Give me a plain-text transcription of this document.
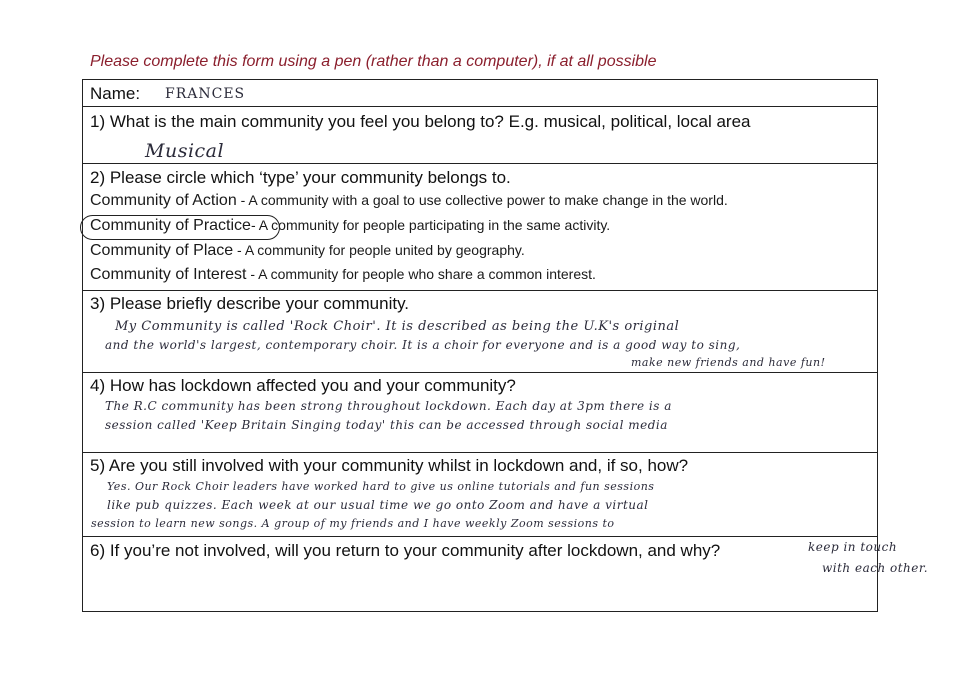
Please complete this form using a pen (rather than a computer), if at all possible
Name: FRANCES
1) What is the main community you feel you belong to? E.g. musical, political, local area
Musical
2) Please circle which ‘type’ your community belongs to.
Community of Action - A community with a goal to use collective power to make change in the world.
Community of Practice- A community for people participating in the same activity.
Community of Place - A community for people united by geography.
Community of Interest - A community for people who share a common interest.
3) Please briefly describe your community.
My Community is called 'Rock Choir'. It is described as being the U.K's original
and the world's largest, contemporary choir. It is a choir for everyone and is a good way to sing,
make new friends and have fun!
4) How has lockdown affected you and your community?
The R.C community has been strong throughout lockdown. Each day at 3pm there is a
session called 'Keep Britain Singing today' this can be accessed through social media
5) Are you still involved with your community whilst in lockdown and, if so, how?
Yes. Our Rock Choir leaders have worked hard to give us online tutorials and fun sessions
like pub quizzes. Each week at our usual time we go onto Zoom and have a virtual
session to learn new songs. A group of my friends and I have weekly Zoom sessions to
6) If you’re not involved, will you return to your community after lockdown, and why?	keep in touch
with each other.
